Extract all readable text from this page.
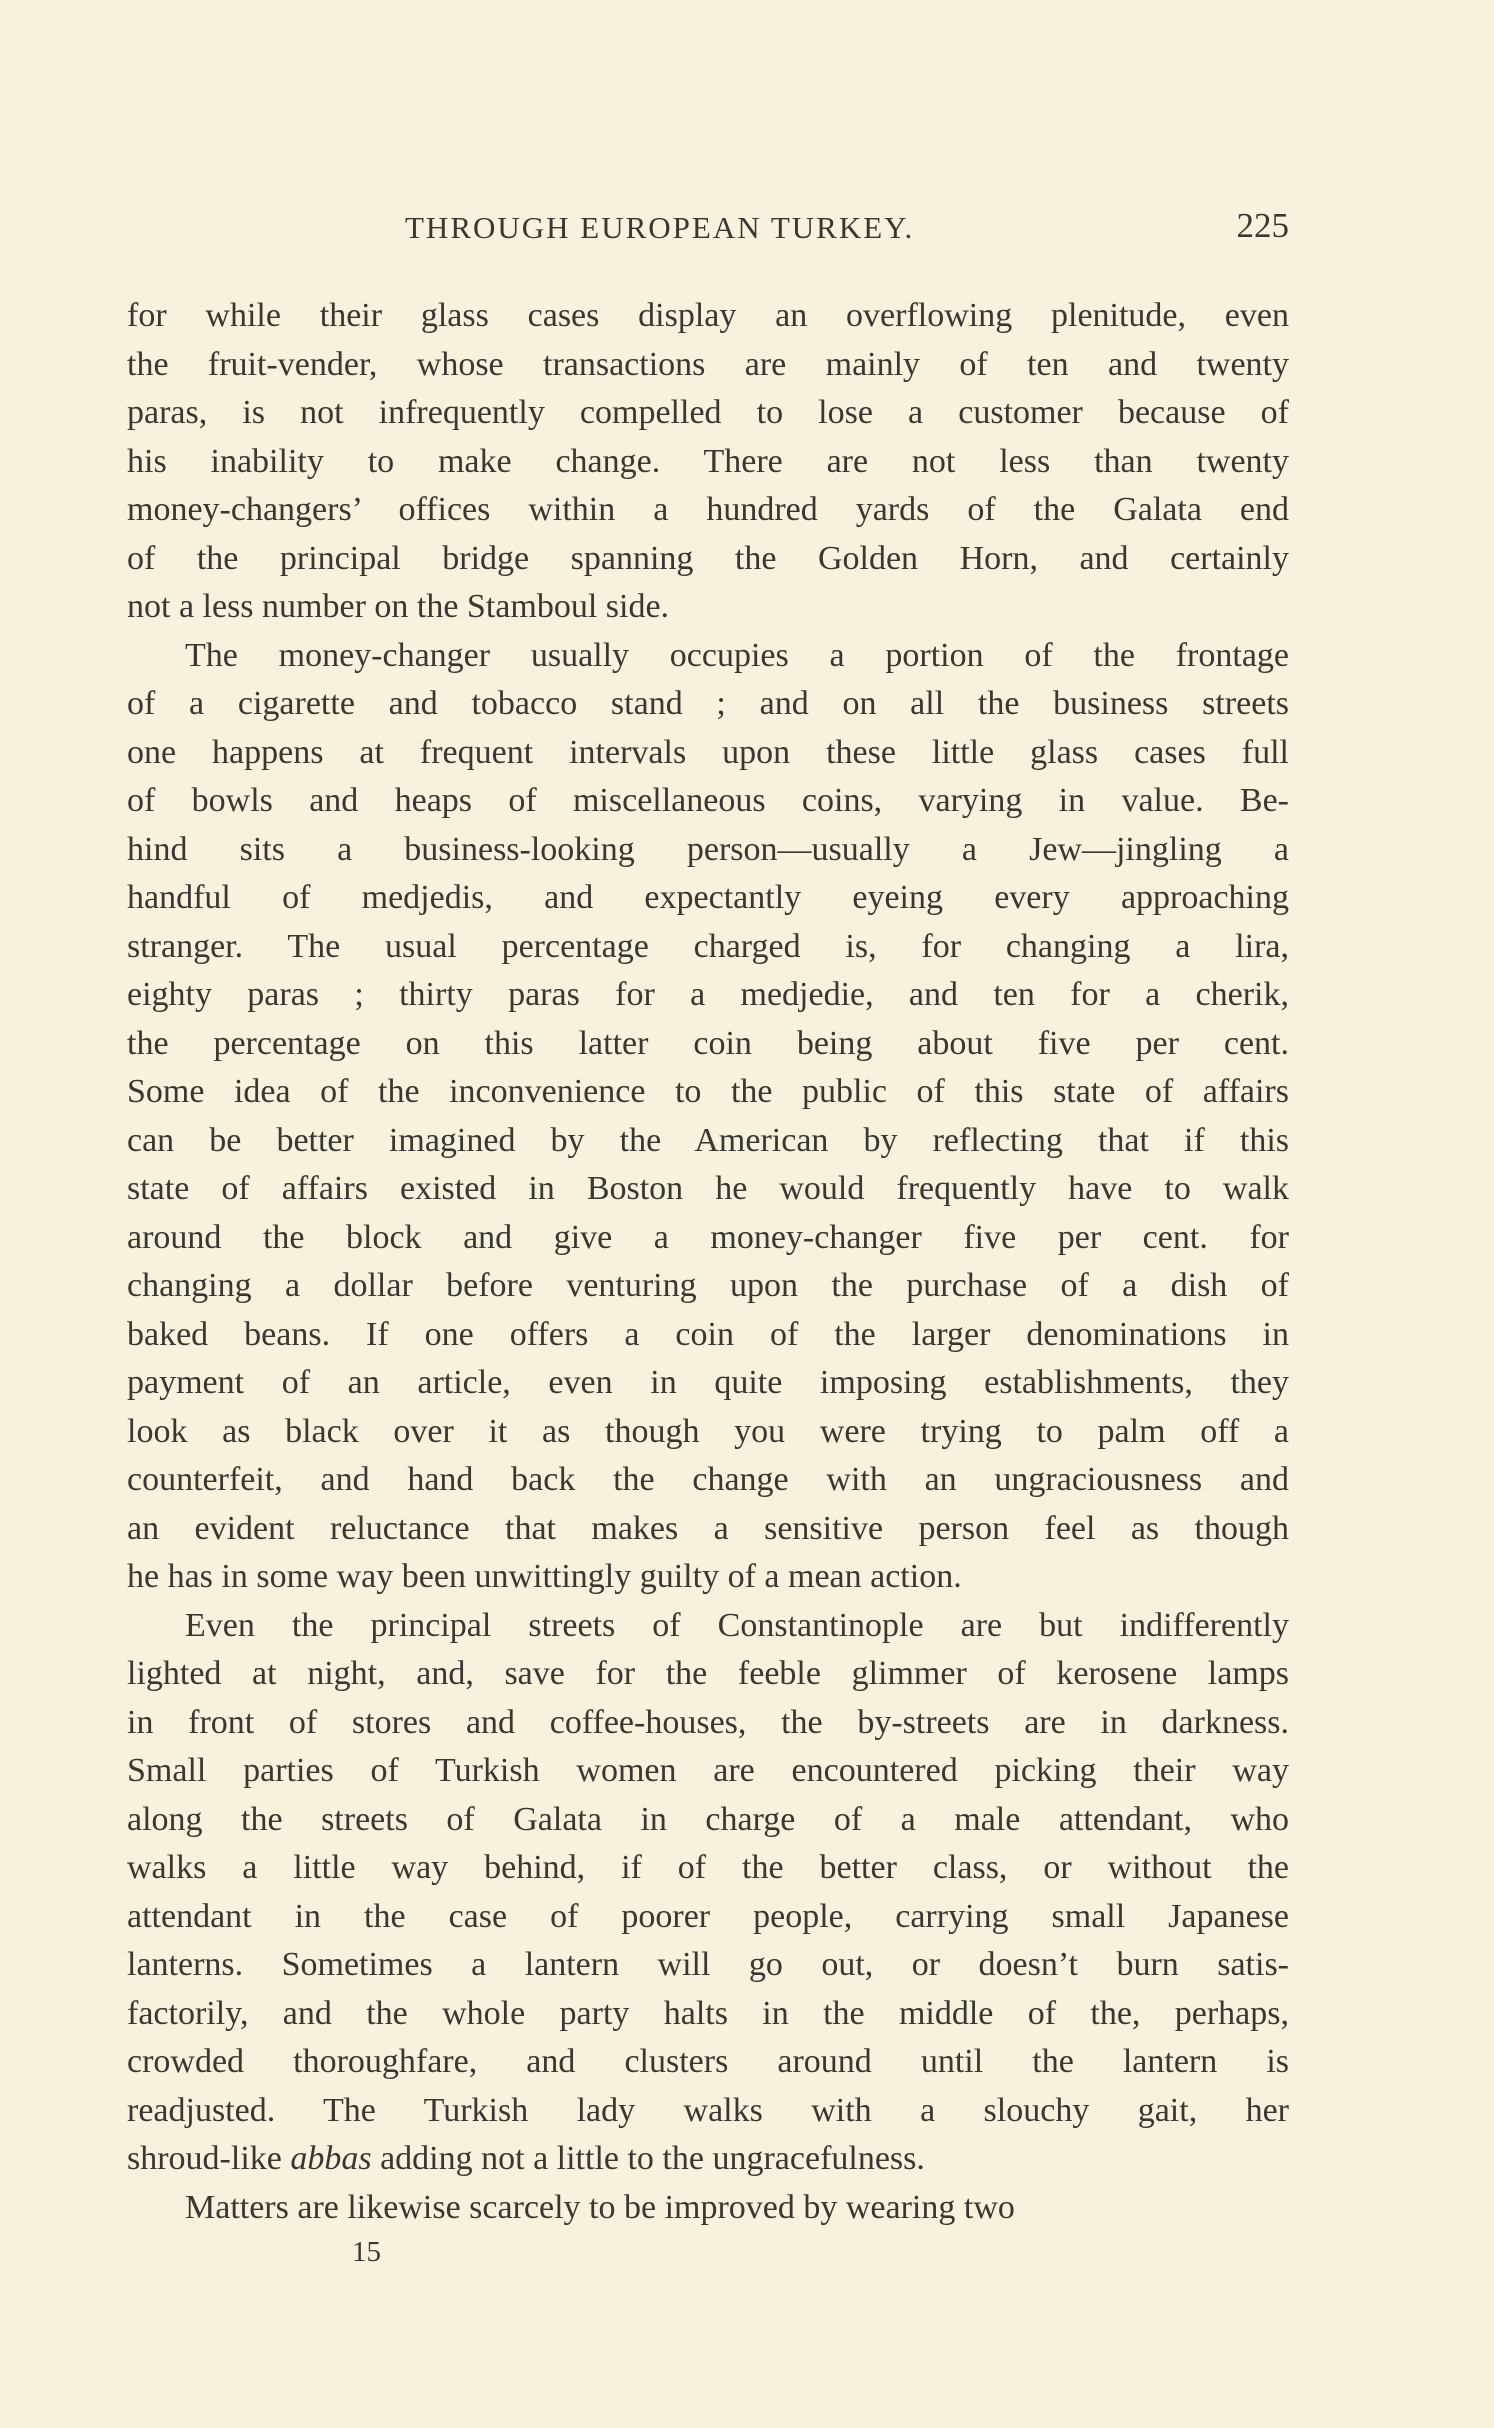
THROUGH EUROPEAN TURKEY.	225
for while their glass cases display an overflowing plenitude, even
the fruit-vender, whose transactions are mainly of ten and twenty
paras, is not infrequently compelled to lose a customer because of
his inability to make change. There are not less than twenty
money-changers’ offices within a hundred yards of the Galata end
of the principal bridge spanning the Golden Horn, and certainly
not a less number on the Stamboul side.
The money-changer usually occupies a portion of the frontage
of a cigarette and tobacco stand ; and on all the business streets
one happens at frequent intervals upon these little glass cases full
of bowls and heaps of miscellaneous coins, varying in value. Be-
hind sits a business-looking person—usually a Jew—jingling a
handful of medjedis, and expectantly eyeing every approaching
stranger. The usual percentage charged is, for changing a lira,
eighty paras ; thirty paras for a medjedie, and ten for a cherik,
the percentage on this latter coin being about five per cent.
Some idea of the inconvenience to the public of this state of affairs
can be better imagined by the American by reflecting that if this
state of affairs existed in Boston he would frequently have to walk
around the block and give a money-changer five per cent. for
changing a dollar before venturing upon the purchase of a dish of
baked beans. If one offers a coin of the larger denominations in
payment of an article, even in quite imposing establishments, they
look as black over it as though you were trying to palm off a
counterfeit, and hand back the change with an ungraciousness and
an evident reluctance that makes a sensitive person feel as though
he has in some way been unwittingly guilty of a mean action.
Even the principal streets of Constantinople are but indifferently
lighted at night, and, save for the feeble glimmer of kerosene lamps
in front of stores and coffee-houses, the by-streets are in darkness.
Small parties of Turkish women are encountered picking their way
along the streets of Galata in charge of a male attendant, who
walks a little way behind, if of the better class, or without the
attendant in the case of poorer people, carrying small Japanese
lanterns. Sometimes a lantern will go out, or doesn’t burn satis-
factorily, and the whole party halts in the middle of the, perhaps,
crowded thoroughfare, and clusters around until the lantern is
readjusted. The Turkish lady walks with a slouchy gait, her
shroud-like abbas adding not a little to the ungracefulness.
Matters are likewise scarcely to be improved by wearing two
15
